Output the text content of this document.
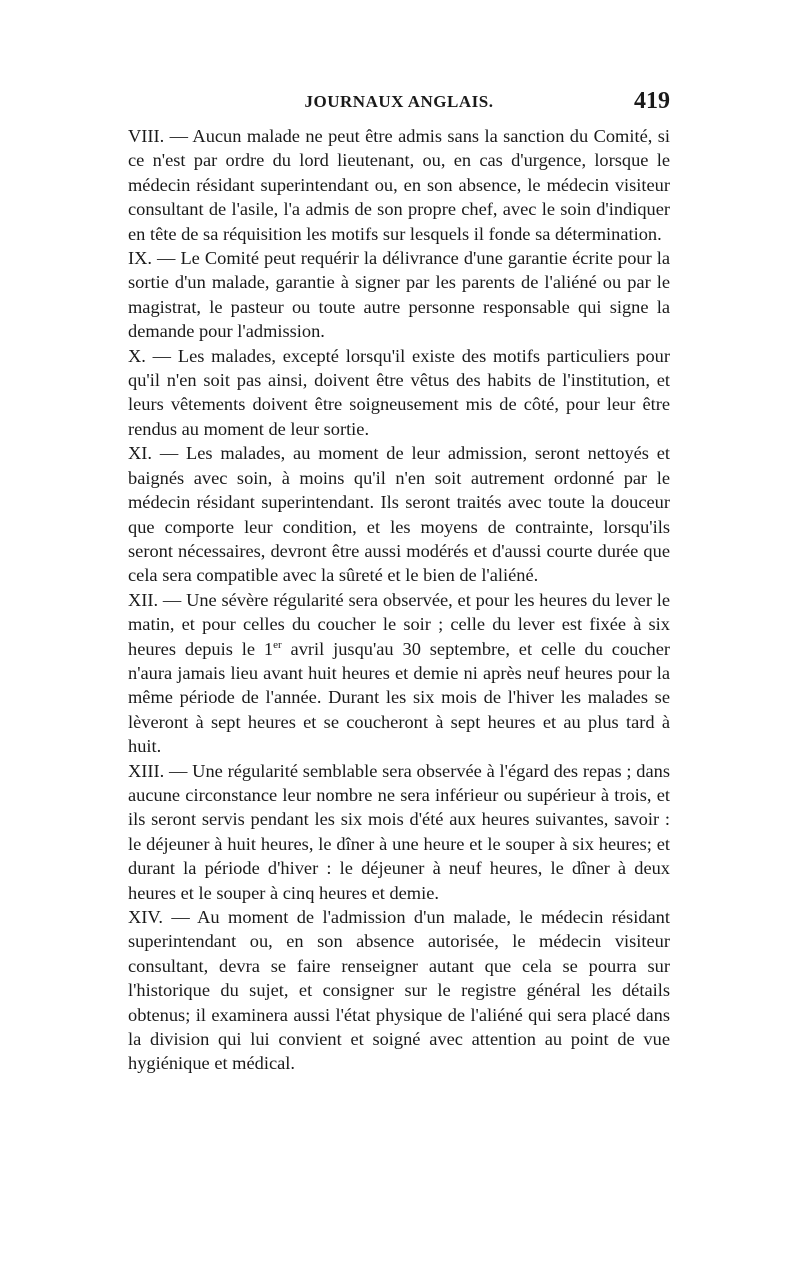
JOURNAUX ANGLAIS.	419

VIII. — Aucun malade ne peut être admis sans la sanction du Comité, si ce n'est par ordre du lord lieutenant, ou, en cas d'urgence, lorsque le médecin résidant superintendant ou, en son absence, le médecin visiteur consultant de l'asile, l'a admis de son propre chef, avec le soin d'indiquer en tête de sa réquisition les motifs sur lesquels il fonde sa détermination.

IX. — Le Comité peut requérir la délivrance d'une garantie écrite pour la sortie d'un malade, garantie à signer par les parents de l'aliéné ou par le magistrat, le pasteur ou toute autre personne responsable qui signe la demande pour l'admission.

X. — Les malades, excepté lorsqu'il existe des motifs particuliers pour qu'il n'en soit pas ainsi, doivent être vêtus des habits de l'institution, et leurs vêtements doivent être soigneusement mis de côté, pour leur être rendus au moment de leur sortie.

XI. — Les malades, au moment de leur admission, seront nettoyés et baignés avec soin, à moins qu'il n'en soit autrement ordonné par le médecin résidant superintendant. Ils seront traités avec toute la douceur que comporte leur condition, et les moyens de contrainte, lorsqu'ils seront nécessaires, devront être aussi modérés et d'aussi courte durée que cela sera compatible avec la sûreté et le bien de l'aliéné.

XII. — Une sévère régularité sera observée, et pour les heures du lever le matin, et pour celles du coucher le soir ; celle du lever est fixée à six heures depuis le 1er avril jusqu'au 30 septembre, et celle du coucher n'aura jamais lieu avant huit heures et demie ni après neuf heures pour la même période de l'année. Durant les six mois de l'hiver les malades se lèveront à sept heures et se coucheront à sept heures et au plus tard à huit.

XIII. — Une régularité semblable sera observée à l'égard des repas ; dans aucune circonstance leur nombre ne sera inférieur ou supérieur à trois, et ils seront servis pendant les six mois d'été aux heures suivantes, savoir : le déjeuner à huit heures, le dîner à une heure et le souper à six heures; et durant la période d'hiver : le déjeuner à neuf heures, le dîner à deux heures et le souper à cinq heures et demie.

XIV. — Au moment de l'admission d'un malade, le médecin résidant superintendant ou, en son absence autorisée, le médecin visiteur consultant, devra se faire renseigner autant que cela se pourra sur l'historique du sujet, et consigner sur le registre général les détails obtenus; il examinera aussi l'état physique de l'aliéné qui sera placé dans la division qui lui convient et soigné avec attention au point de vue hygiénique et médical.
